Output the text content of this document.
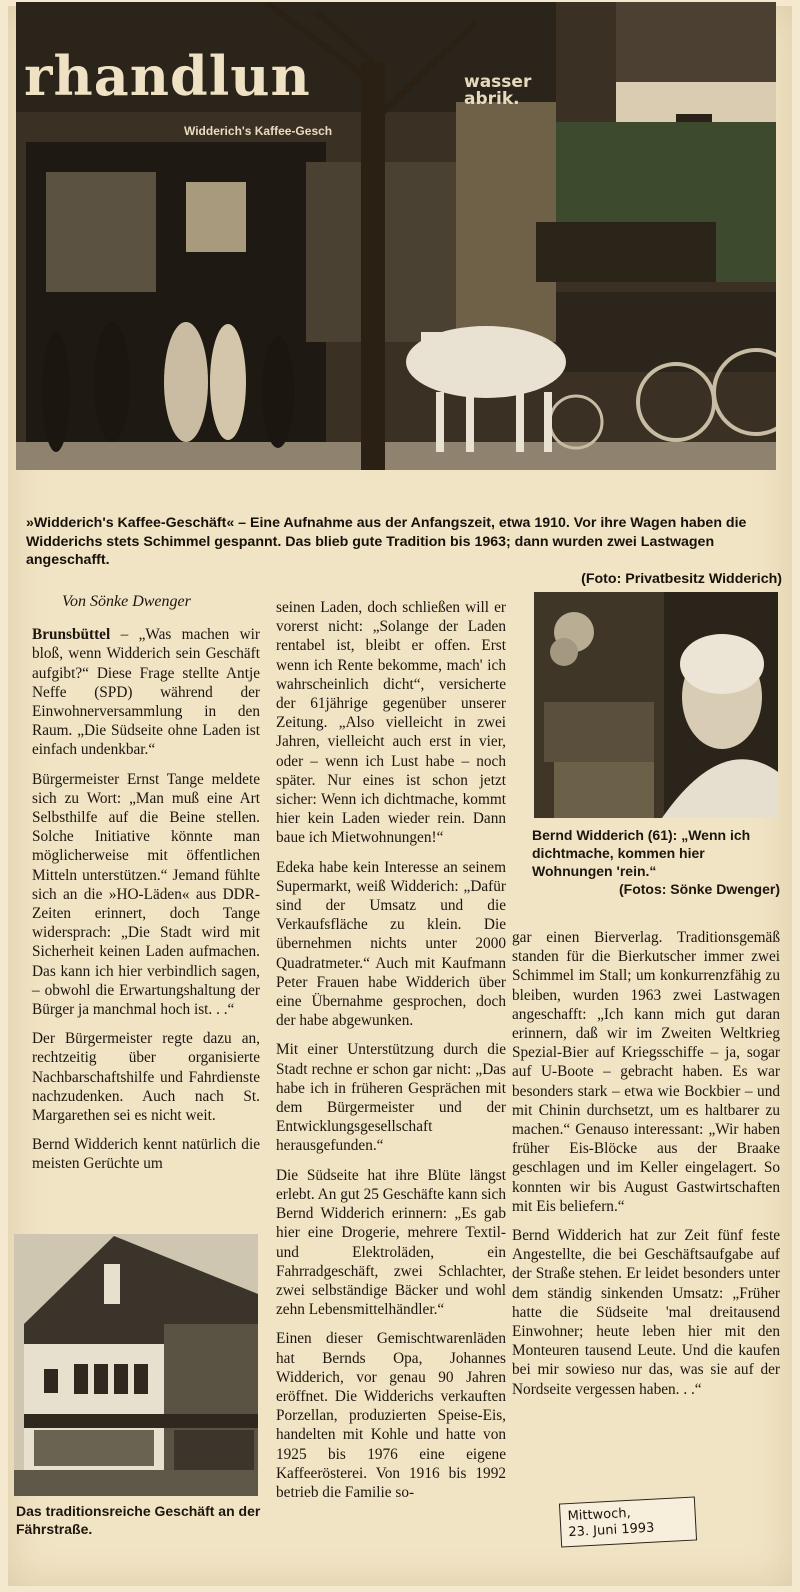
rhandlun	wasser
abrik.
Widderich's Kaffee-Gesch
»Widderich's Kaffee-Geschäft« – Eine Aufnahme aus der Anfangszeit, etwa 1910. Vor ihre Wagen haben die Widderichs stets Schimmel gespannt. Das blieb gute Tradition bis 1963; dann wurden zwei Lastwagen angeschafft.
(Foto: Privatbesitz Widderich)

Von Sönke Dwenger

Brunsbüttel – „Was machen wir bloß, wenn Widderich sein Geschäft aufgibt?“ Diese Frage stellte Antje Neffe (SPD) während der Einwohnerversammlung in den Raum. „Die Südseite ohne Laden ist einfach undenkbar.“

Bürgermeister Ernst Tange meldete sich zu Wort: „Man muß eine Art Selbsthilfe auf die Beine stellen. Solche Initiative könnte man möglicherweise mit öffentlichen Mitteln unterstützen.“ Jemand fühlte sich an die »HO-Läden« aus DDR-Zeiten erinnert, doch Tange widersprach: „Die Stadt wird mit Sicherheit keinen Laden aufmachen. Das kann ich hier verbindlich sagen, – obwohl die Erwartungshaltung der Bürger ja manchmal hoch ist. . .“

Der Bürgermeister regte dazu an, rechtzeitig über organisierte Nachbarschaftshilfe und Fahrdienste nachzudenken. Auch nach St. Margarethen sei es nicht weit.

Bernd Widderich kennt natürlich die meisten Gerüchte um

Das traditionsreiche Geschäft an der Fährstraße.

seinen Laden, doch schließen will er vorerst nicht: „Solange der Laden rentabel ist, bleibt er offen. Erst wenn ich Rente bekomme, mach' ich wahrscheinlich dicht“, versicherte der 61jährige gegenüber unserer Zeitung. „Also vielleicht in zwei Jahren, vielleicht auch erst in vier, oder – wenn ich Lust habe – noch später. Nur eines ist schon jetzt sicher: Wenn ich dichtmache, kommt hier kein Laden wieder rein. Dann baue ich Mietwohnungen!“

Edeka habe kein Interesse an seinem Supermarkt, weiß Widderich: „Dafür sind der Umsatz und die Verkaufsfläche zu klein. Die übernehmen nichts unter 2000 Quadratmeter.“ Auch mit Kaufmann Peter Frauen habe Widderich über eine Übernahme gesprochen, doch der habe abgewunken.

Mit einer Unterstützung durch die Stadt rechne er schon gar nicht: „Das habe ich in früheren Gesprächen mit dem Bürgermeister und der Entwicklungsgesellschaft herausgefunden.“

Die Südseite hat ihre Blüte längst erlebt. An gut 25 Geschäfte kann sich Bernd Widderich erinnern: „Es gab hier eine Drogerie, mehrere Textil- und Elektroläden, ein Fahrradgeschäft, zwei Schlachter, zwei selbständige Bäcker und wohl zehn Lebensmittelhändler.“

Einen dieser Gemischtwarenläden hat Bernds Opa, Johannes Widderich, vor genau 90 Jahren eröffnet. Die Widderichs verkauften Porzellan, produzierten Speise-Eis, handelten mit Kohle und hatte von 1925 bis 1976 eine eigene Kaffeerösterei. Von 1916 bis 1992 betrieb die Familie so-

Bernd Widderich (61): „Wenn ich dichtmache, kommen hier Wohnungen 'rein.“
(Fotos: Sönke Dwenger)

gar einen Bierverlag. Traditionsgemäß standen für die Bierkutscher immer zwei Schimmel im Stall; um konkurrenzfähig zu bleiben, wurden 1963 zwei Lastwagen angeschafft: „Ich kann mich gut daran erinnern, daß wir im Zweiten Weltkrieg Spezial-Bier auf Kriegsschiffe – ja, sogar auf U-Boote – gebracht haben. Es war besonders stark – etwa wie Bockbier – und mit Chinin durchsetzt, um es haltbarer zu machen.“ Genauso interessant: „Wir haben früher Eis-Blöcke aus der Braake geschlagen und im Keller eingelagert. So konnten wir bis August Gastwirtschaften mit Eis beliefern.“

Bernd Widderich hat zur Zeit fünf feste Angestellte, die bei Geschäftsaufgabe auf der Straße stehen. Er leidet besonders unter dem ständig sinkenden Umsatz: „Früher hatte die Südseite 'mal dreitausend Einwohner; heute leben hier mit den Monteuren tausend Leute. Und die kaufen bei mir sowieso nur das, was sie auf der Nordseite vergessen haben. . .“

Mittwoch,
23. Juni 1993
